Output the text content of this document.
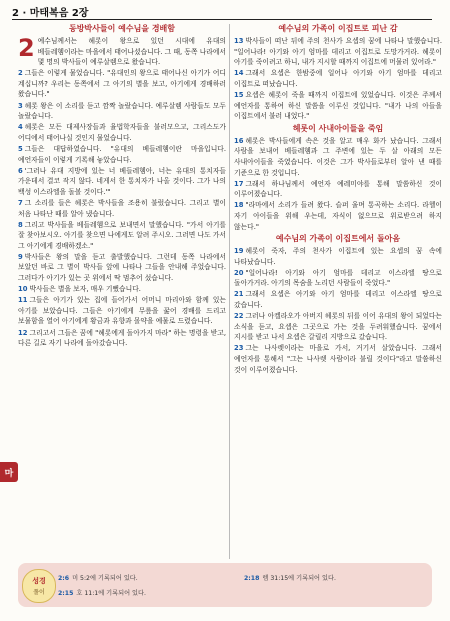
2 · 마태복음 2장
동방박사들이 예수님을 경배함
2 예수님께서는 헤롯이 왕으로 있던 시대에 유대의 베들레헴이라는 마을에서 태어나셨습니다. 그 때, 동쪽 나라에서 몇 명의 박사들이 예루살렘으로 왔습니다.
2 그들은 이렇게 물었습니다. "유대인의 왕으로 태어나신 아기가 어디 계십니까? 우리는 동쪽에서 그 아기의 별을 보고, 아기에게 경배하러 왔습니다."
3 헤롯 왕은 이 소리를 듣고 깜짝 놀랐습니다. 예루살렘 사람들도 모두 놀랐습니다.
4 헤롯은 모든 대제사장들과 율법학자들을 불러모으고, 그리스도가 어디에서 태어나실 것인지 물었습니다.
5 그들은 대답하였습니다. "유대의 베들레헴이란 마을입니다. 예언자들이 이렇게 기록해 놓았습니다.
6 '그러나 유대 지방에 있는 너 베들레헴아, 너는 유대의 통치자들 가운데서 결코 작지 않다. 네게서 한 통치자가 나올 것이다. 그가 나의 백성 이스라엘을 돌볼 것이다.'"
7 그 소리를 들은 헤롯은 박사들을 조용히 불렀습니다. 그리고 별이 처음 나타난 때를 알아 냈습니다.
8 그리고 박사들을 베들레헴으로 보내면서 말했습니다. "가서 아기를 잘 찾아보시오. 아기를 찾으면 나에게도 알려 주시오. 그러면 나도 가서 그 아기에게 경배하겠소."
9 박사들은 왕의 말을 듣고 출발했습니다. 그런데 동쪽 나라에서 보았던 바로 그 별이 박사들 앞에 나타나 그들을 안내해 주었습니다. 그러다가 아기가 있는 곳 위에서 딱 멈추어 섰습니다.
10 박사들은 별을 보자, 매우 기뻤습니다.
11 그들은 아기가 있는 집에 들어가서 어머니 마리아와 함께 있는 아기를 보았습니다. 그들은 아기에게 무릎을 꿇어 경배를 드리고 보물함을 열어 아기에게 황금과 유향과 몰약을 예물로 드렸습니다.
12 그리고서 그들은 꿈에 "헤롯에게 돌아가지 마라" 하는 명령을 받고, 다른 길로 자기 나라에 돌아갔습니다.
예수님의 가족이 이집트로 피난 감
13 박사들이 떠난 뒤에 주의 천사가 요셉의 꿈에 나타나 말했습니다. "일어나라! 아기와 아기 엄마를 데리고 이집트로 도망가거라. 헤롯이 아기를 죽이려고 하니, 내가 지시할 때까지 이집트에 머물러 있어라."
14 그래서 요셉은 한밤중에 일어나 아기와 아기 엄마를 데리고 이집트로 떠났습니다.
15 요셉은 헤롯이 죽을 때까지 이집트에 있었습니다. 이것은 주께서 예언자를 통하여 하신 말씀을 이루신 것입니다. "내가 나의 아들을 이집트에서 불러 내었다."
헤롯이 사내아이들을 죽임
16 헤롯은 박사들에게 속은 것을 알고 매우 화가 났습니다. 그래서 사람을 보내어 베들레헴과 그 주변에 있는 두 살 아래의 모든 사내아이들을 죽였습니다. 이것은 그가 박사들로부터 알아 낸 때를 기준으로 한 것입니다.
17 그래서 하나님께서 예언자 예레미야를 통해 말씀하신 것이 이루어졌습니다.
18 "라마에서 소리가 들려 왔다. 슬퍼 울며 통곡하는 소리다. 라헬이 자기 아이들을 위해 우는데, 자식이 없으므로 위로받으려 하지 않는다."
예수님의 가족이 이집트에서 돌아옴
19 헤롯이 죽자, 주의 천사가 이집트에 있는 요셉의 꿈 속에 나타났습니다.
20 "일어나라! 아기와 아기 엄마를 데리고 이스라엘 땅으로 돌아가거라. 아기의 목숨을 노리던 사람들이 죽었다."
21 그래서 요셉은 아기와 아기 엄마를 데리고 이스라엘 땅으로 갔습니다.
22 그러나 아켈라오가 아버지 헤롯의 뒤를 이어 유대의 왕이 되었다는 소식을 듣고, 요셉은 그곳으로 가는 것을 두려워했습니다. 꿈에서 지시를 받고 나서 요셉은 갈릴리 지방으로 갔습니다.
23 그는 나사렛이라는 마을로 가서, 거기서 살았습니다. 그래서 예언자를 통해서 "그는 나사렛 사람이라 불릴 것이다"라고 말씀하신 것이 이루어졌습니다.
마
성경
풀이
2:6 미 5:2에 기록되어 있다.
2:15 호 11:1에 기록되어 있다.
2:18 렘 31:15에 기록되어 있다.
